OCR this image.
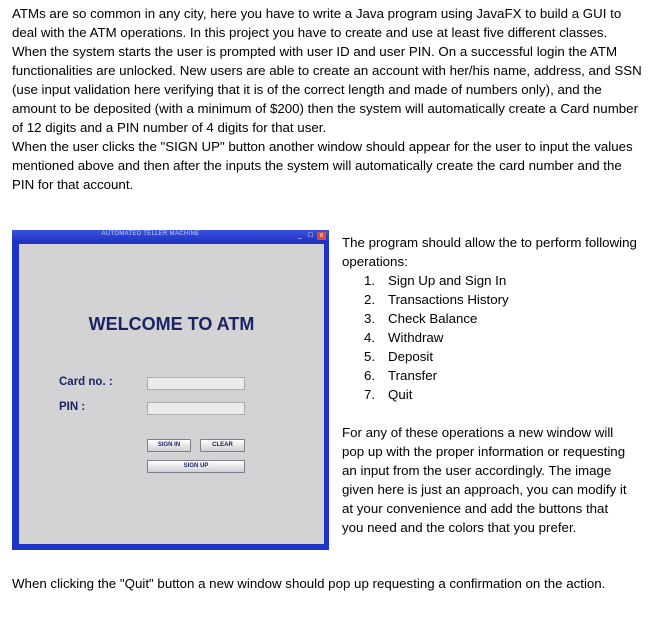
ATMs are so common in any city, here you have to write a Java program using JavaFX to build a GUI to deal with the ATM operations. In this project you have to create and use at least five different classes. When the system starts the user is prompted with user ID and user PIN. On a successful login the ATM functionalities are unlocked. New users are able to create an account with her/his name, address, and SSN (use input validation here verifying that it is of the correct length and made of numbers only), and the amount to be deposited (with a minimum of $200) then the system will automatically create a Card number of 12 digits and a PIN number of 4 digits for that user.
When the user clicks the "SIGN UP" button another window should appear for the user to input the values mentioned above and then after the inputs the system will automatically create the card number and the PIN for that account.
AUTOMATED TELLER MACHINE	_ □	x
WELCOME TO ATM
Card no. :
PIN :
SIGN IN	CLEAR
SIGN UP
The program should allow the to perform following operations:
1. Sign Up and Sign In
2. Transactions History
3. Check Balance
4. Withdraw
5. Deposit
6. Transfer
7. Quit
For any of these operations a new window will pop up with the proper information or requesting an input from the user accordingly. The image given here is just an approach, you can modify it at your convenience and add the buttons that you need and the colors that you prefer.
When clicking the "Quit" button a new window should pop up requesting a confirmation on the action.
